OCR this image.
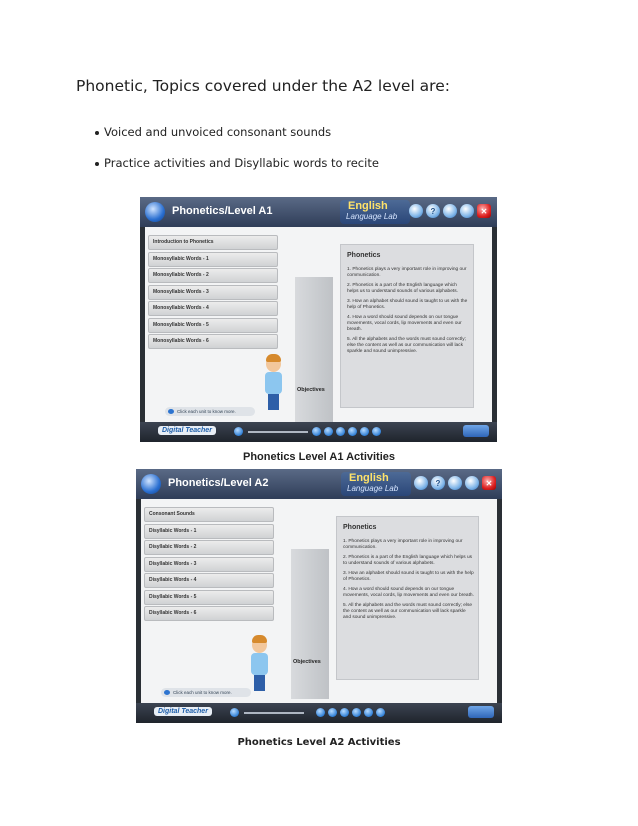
Phonetic, Topics covered under the A2 level are:
Voiced and unvoiced consonant sounds
Practice activities and Disyllabic words to recite
Phonetics/Level A1	English
Language Lab
?	✕
Introduction to Phonetics
Monosyllabic Words - 1
Monosyllabic Words - 2
Monosyllabic Words - 3
Monosyllabic Words - 4
Monosyllabic Words - 5
Monosyllabic Words - 6
Click each unit to know more.
Objectives
Phonetics
1. Phonetics plays a very important role in improving our communication.
2. Phonetics is a part of the English language which helps us to understand sounds of various alphabets.
3. How an alphabet should sound is taught to us with the help of Phonetics.
4. How a word should sound depends on our tongue movements, vocal cords, lip movements and even our breath.
5. All the alphabets and the words must sound correctly; else the content as well as our communication will lack sparkle and sound unimpressive.
Digital Teacher
Phonetics Level A1 Activities
Phonetics/Level A2	English
Language Lab
?	✕
Consonant Sounds
Disyllabic Words - 1
Disyllabic Words - 2
Disyllabic Words - 3
Disyllabic Words - 4
Disyllabic Words - 5
Disyllabic Words - 6
Click each unit to know more.
Objectives
Phonetics
1. Phonetics plays a very important role in improving our communication.
2. Phonetics is a part of the English language which helps us to understand sounds of various alphabets.
3. How an alphabet should sound is taught to us with the help of Phonetics.
4. How a word should sound depends on our tongue movements, vocal cords, lip movements and even our breath.
5. All the alphabets and the words must sound correctly; else the content as well as our communication will lack sparkle and sound unimpressive.
Digital Teacher
Phonetics Level A2 Activities
